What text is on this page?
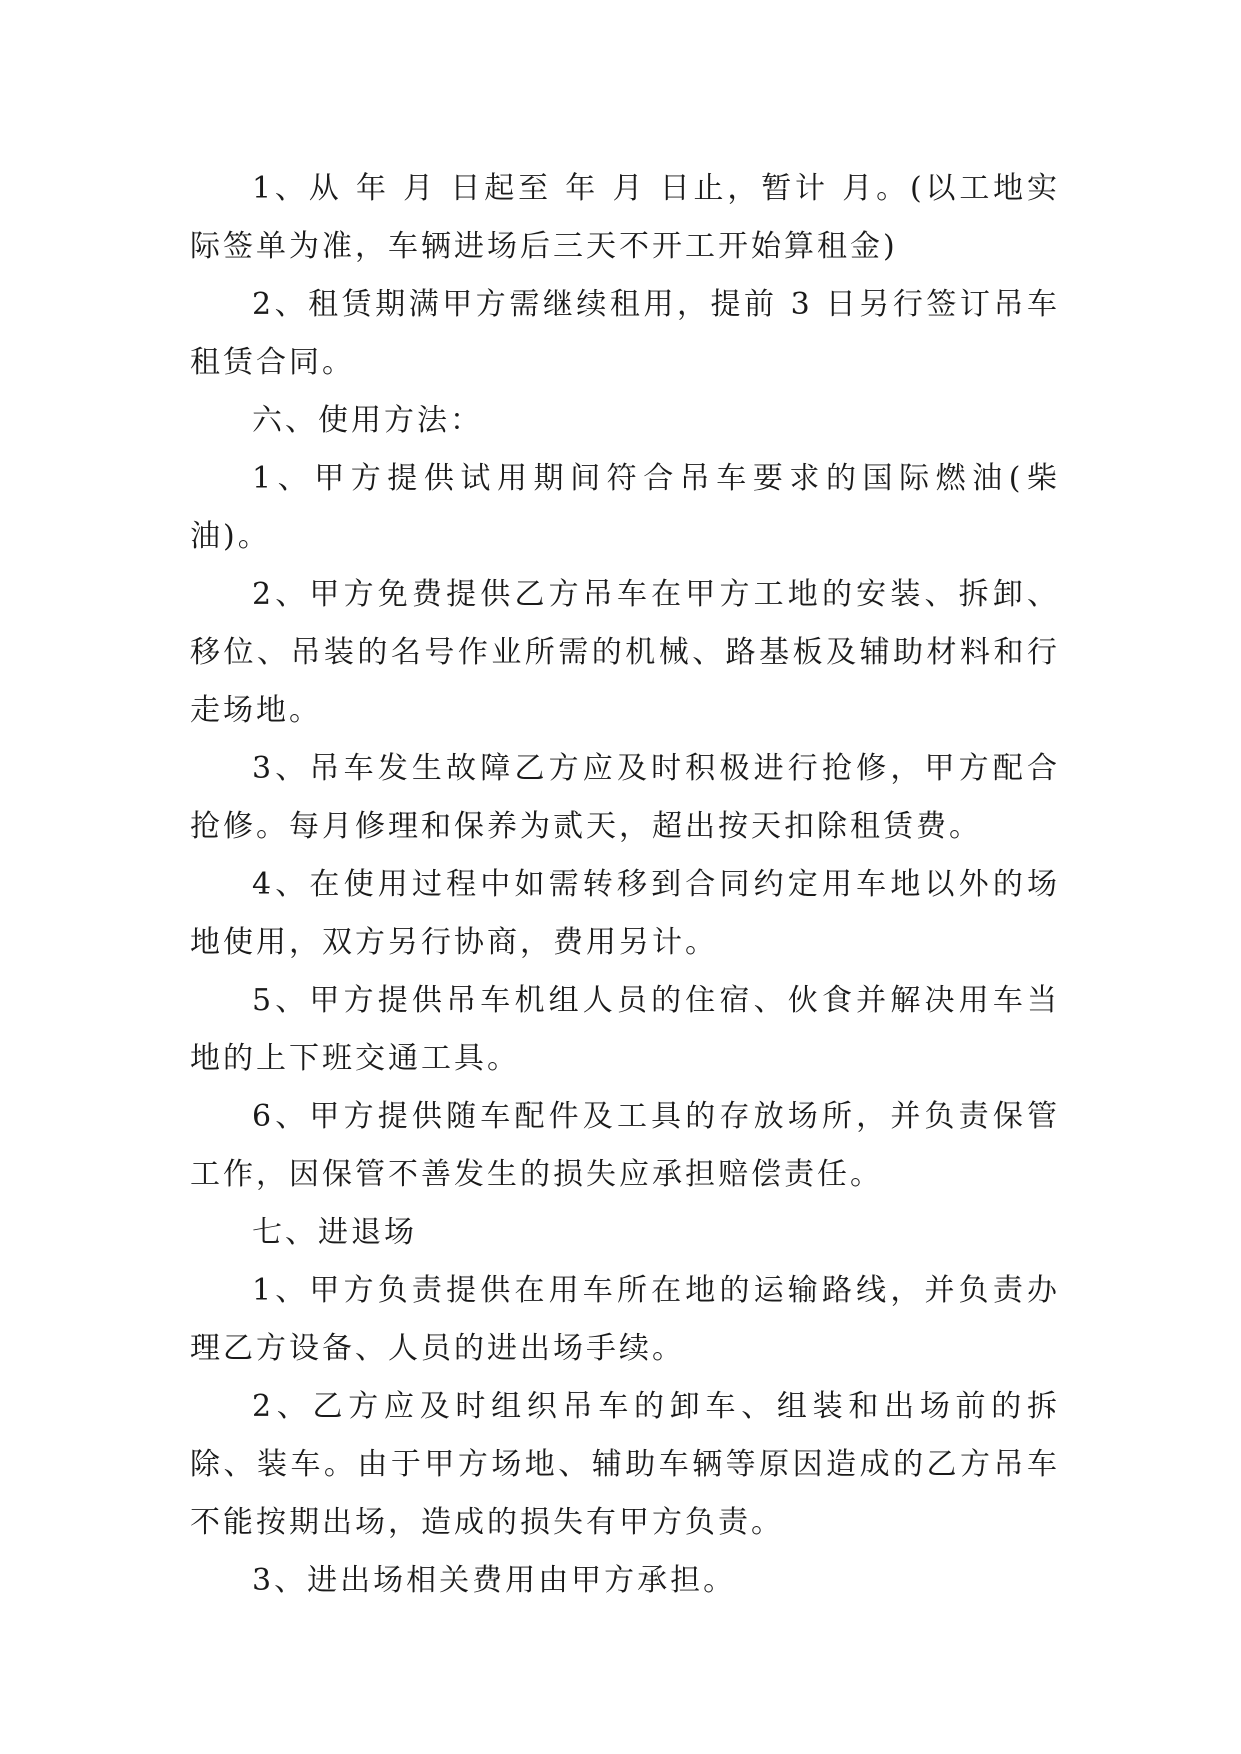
1、从 年 月 日起至 年 月 日止，暂计 月。(以工地实际签单为准，车辆进场后三天不开工开始算租金)

2、租赁期满甲方需继续租用，提前 3 日另行签订吊车租赁合同。

六、使用方法：

1、甲方提供试用期间符合吊车要求的国际燃油(柴油)。

2、甲方免费提供乙方吊车在甲方工地的安装、拆卸、移位、吊装的名号作业所需的机械、路基板及辅助材料和行走场地。

3、吊车发生故障乙方应及时积极进行抢修，甲方配合抢修。每月修理和保养为贰天，超出按天扣除租赁费。

4、在使用过程中如需转移到合同约定用车地以外的场地使用，双方另行协商，费用另计。

5、甲方提供吊车机组人员的住宿、伙食并解决用车当地的上下班交通工具。

6、甲方提供随车配件及工具的存放场所，并负责保管工作，因保管不善发生的损失应承担赔偿责任。

七、进退场

1、甲方负责提供在用车所在地的运输路线，并负责办理乙方设备、人员的进出场手续。

2、乙方应及时组织吊车的卸车、组装和出场前的拆除、装车。由于甲方场地、辅助车辆等原因造成的乙方吊车不能按期出场，造成的损失有甲方负责。

3、进出场相关费用由甲方承担。
